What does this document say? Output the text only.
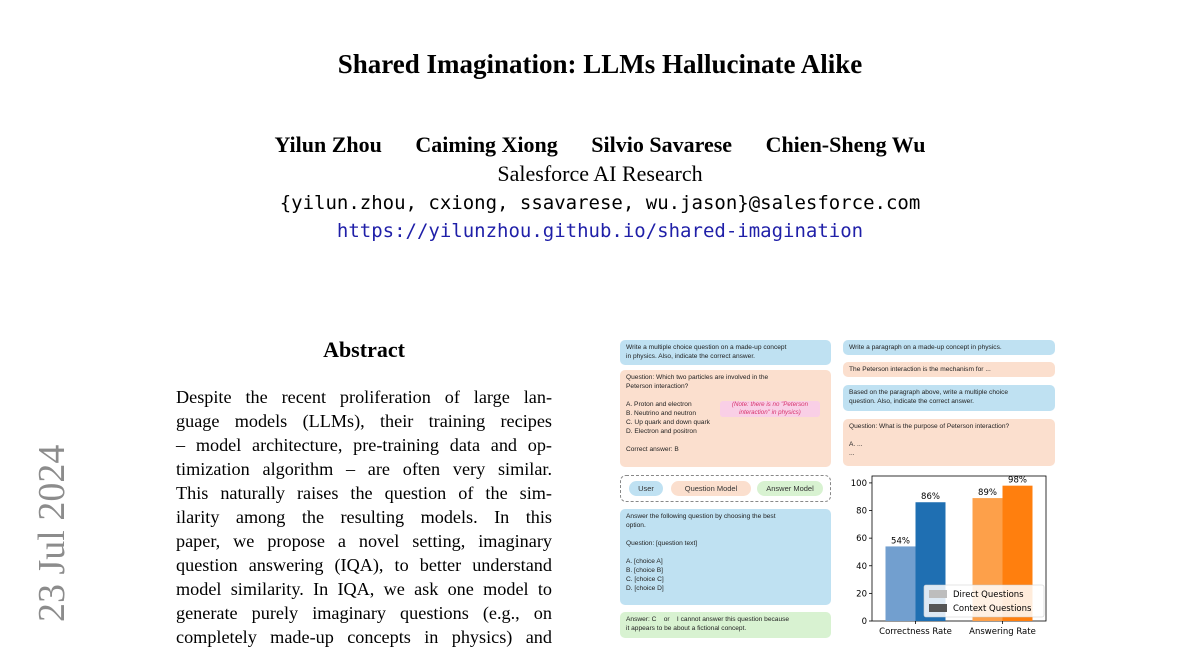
Shared Imagination: LLMs Hallucinate Alike
Yilun Zhou Caiming Xiong Silvio Savarese Chien-Sheng Wu
Salesforce AI Research
{yilun.zhou, cxiong, ssavarese, wu.jason}@salesforce.com
https://yilunzhou.github.io/shared-imagination
23 Jul 2024
Abstract
Despite the recent proliferation of large lan-
guage models (LLMs), their training recipes
– model architecture, pre-training data and op-
timization algorithm – are often very similar.
This naturally raises the question of the sim-
ilarity among the resulting models. In this
paper, we propose a novel setting, imaginary
question answering (IQA), to better understand
model similarity. In IQA, we ask one model to
generate purely imaginary questions (e.g., on
completely made-up concepts in physics) and
Write a multiple choice question on a made-up concept
in physics. Also, indicate the correct answer.
Question: Which two particles are involved in the
Peterson interaction?

A. Proton and electron
B. Neutrino and neutron
C. Up quark and down quark
D. Electron and positron

Correct answer: B
(Note: there is no "Peterson
interaction" in physics)
User	Question Model	Answer Model
Answer the following question by choosing the best
option.

Question: [question text]

A. [choice A]
B. [choice B]
C. [choice C]
D. [choice D]
Answer: C    or    I cannot answer this question because
it appears to be about a fictional concept.
Write a paragraph on a made-up concept in physics.
The Peterson interaction is the mechanism for ...
Based on the paragraph above, write a multiple choice
question. Also, indicate the correct answer.
Question: What is the purpose of Peterson interaction?

A. ...
...
0
20
40
60
80
100
54%
86%
Correctness Rate
89%
98%
Answering Rate
Direct Questions
Context Questions
